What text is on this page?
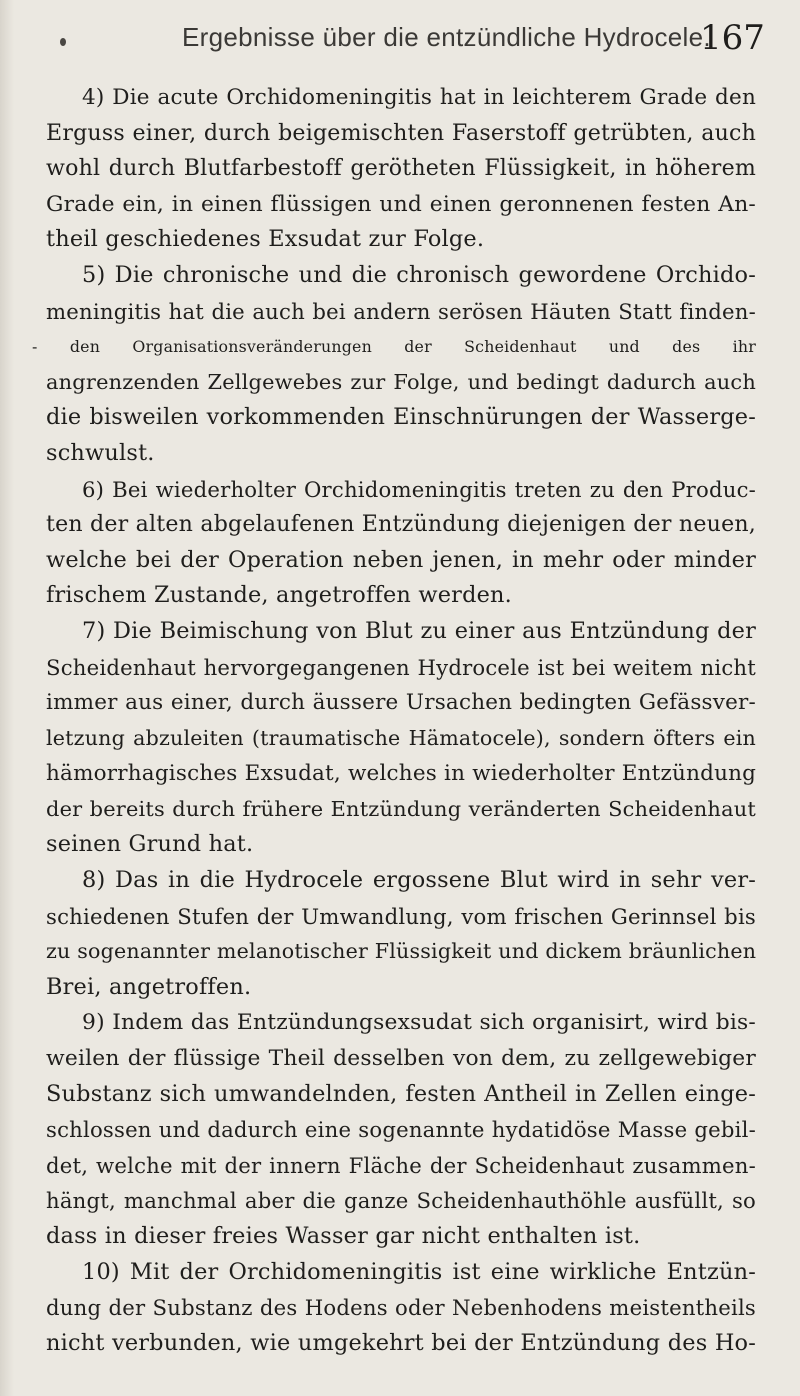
Ergebnisse über die entzündliche Hydrocele.
167
4) Die acute Orchidomeningitis hat in leichterem Grade den
Erguss einer, durch beigemischten Faserstoff getrübten, auch
wohl durch Blutfarbestoff gerötheten Flüssigkeit, in höherem
Grade ein, in einen flüssigen und einen geronnenen festen An-
theil geschiedenes Exsudat zur Folge.
5) Die chronische und die chronisch gewordene Orchido-
meningitis hat die auch bei andern serösen Häuten Statt finden-
- den Organisationsveränderungen der Scheidenhaut und des ihr
angrenzenden Zellgewebes zur Folge, und bedingt dadurch auch
die bisweilen vorkommenden Einschnürungen der Wasserge-
schwulst.
6) Bei wiederholter Orchidomeningitis treten zu den Produc-
ten der alten abgelaufenen Entzündung diejenigen der neuen,
welche bei der Operation neben jenen, in mehr oder minder
frischem Zustande, angetroffen werden.
7) Die Beimischung von Blut zu einer aus Entzündung der
Scheidenhaut hervorgegangenen Hydrocele ist bei weitem nicht
immer aus einer, durch äussere Ursachen bedingten Gefässver-
letzung abzuleiten (traumatische Hämatocele), sondern öfters ein
hämorrhagisches Exsudat, welches in wiederholter Entzündung
der bereits durch frühere Entzündung veränderten Scheidenhaut
seinen Grund hat.
8) Das in die Hydrocele ergossene Blut wird in sehr ver-
schiedenen Stufen der Umwandlung, vom frischen Gerinnsel bis
zu sogenannter melanotischer Flüssigkeit und dickem bräunlichen
Brei, angetroffen.
9) Indem das Entzündungsexsudat sich organisirt, wird bis-
weilen der flüssige Theil desselben von dem, zu zellgewebiger
Substanz sich umwandelnden, festen Antheil in Zellen einge-
schlossen und dadurch eine sogenannte hydatidöse Masse gebil-
det, welche mit der innern Fläche der Scheidenhaut zusammen-
hängt, manchmal aber die ganze Scheidenhauthöhle ausfüllt, so
dass in dieser freies Wasser gar nicht enthalten ist.
10) Mit der Orchidomeningitis ist eine wirkliche Entzün-
dung der Substanz des Hodens oder Nebenhodens meistentheils
nicht verbunden, wie umgekehrt bei der Entzündung des Ho-
